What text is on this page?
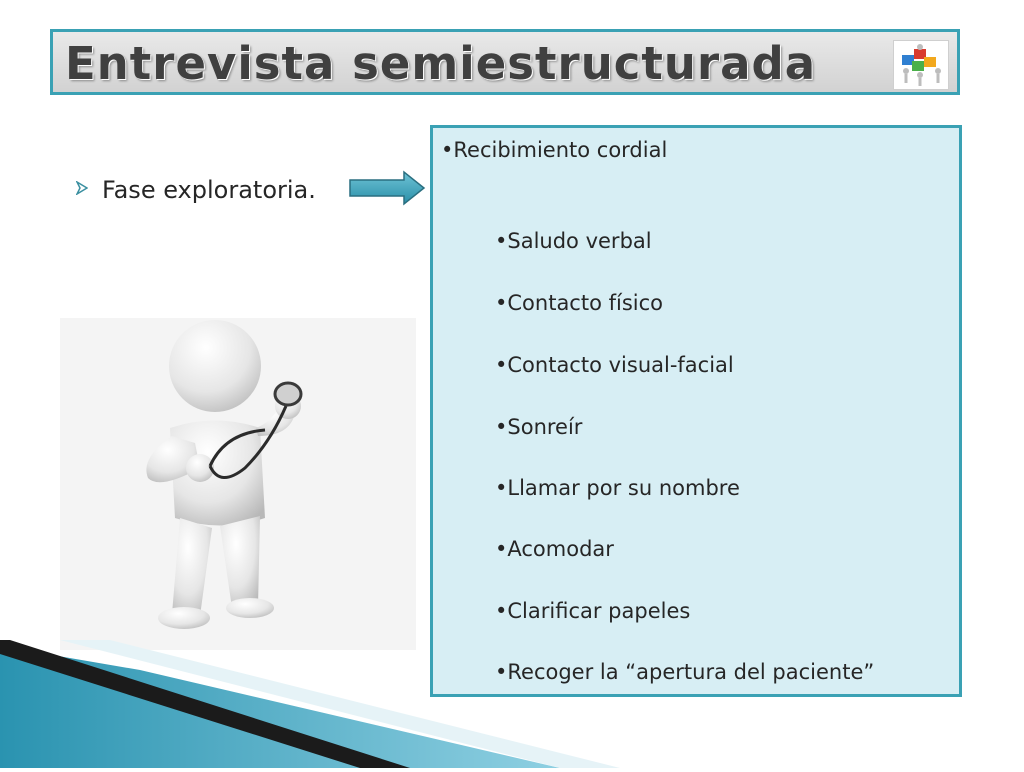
Entrevista semiestructurada
Fase exploratoria.
•Recibimiento cordial
•Saludo verbal
•Contacto físico
•Contacto visual-facial
•Sonreír
•Llamar por su nombre
•Acomodar
•Clarificar papeles
•Recoger la “apertura del paciente”
